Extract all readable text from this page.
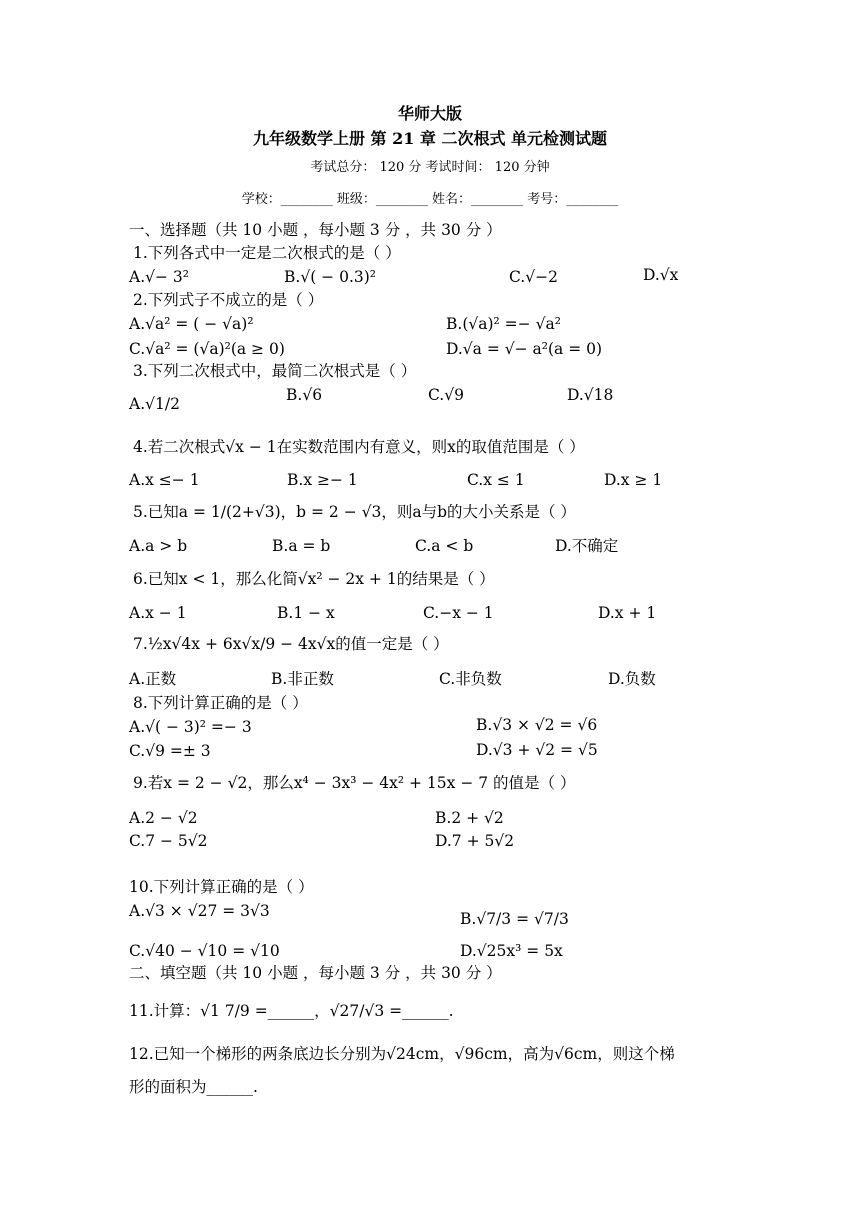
华师大版
九年级数学上册 第 21 章 二次根式 单元检测试题
考试总分： 120 分 考试时间： 120 分钟
学校：________ 班级：________ 姓名：________ 考号：________
一、选择题（共 10 小题 ，每小题 3 分 ，共 30 分 ）
1.下列各式中一定是二次根式的是（ ）
A.√− 3²	B.√( − 0.3)²	C.√−2	D.√x
2.下列式子不成立的是（ ）
A.√a² = ( − √a)²	B.(√a)² =− √a²
C.√a² = (√a)²(a ≥ 0)	D.√a = √− a²(a = 0)
3.下列二次根式中，最简二次根式是（ ）
A.√1/2	B.√6	C.√9	D.√18
4.若二次根式√x − 1在实数范围内有意义，则x的取值范围是（ ）
A.x ≤− 1	B.x ≥− 1	C.x ≤ 1	D.x ≥ 1
5.已知a = 1/(2+√3)，b = 2 − √3，则a与b的大小关系是（ ）
A.a > b	B.a = b	C.a < b	D.不确定
6.已知x < 1，那么化简√x² − 2x + 1的结果是（ ）
A.x − 1	B.1 − x	C.−x − 1	D.x + 1
7.½x√4x + 6x√x/9 − 4x√x的值一定是（ ）
A.正数	B.非正数	C.非负数	D.负数
8.下列计算正确的是（ ）
A.√( − 3)² =− 3	B.√3 × √2 = √6
C.√9 =± 3	D.√3 + √2 = √5
9.若x = 2 − √2，那么x⁴ − 3x³ − 4x² + 15x − 7 的值是（ ）
A.2 − √2	B.2 + √2
C.7 − 5√2	D.7 + 5√2
10.下列计算正确的是（ ）
A.√3 × √27 = 3√3	B.√7/3 = √7/3
C.√40 − √10 = √10	D.√25x³ = 5x
二、填空题（共 10 小题 ，每小题 3 分 ，共 30 分 ）
11.计算：√1 7/9 =______，√27/√3 =______.
12.已知一个梯形的两条底边长分别为√24cm，√96cm，高为√6cm，则这个梯
形的面积为______.
